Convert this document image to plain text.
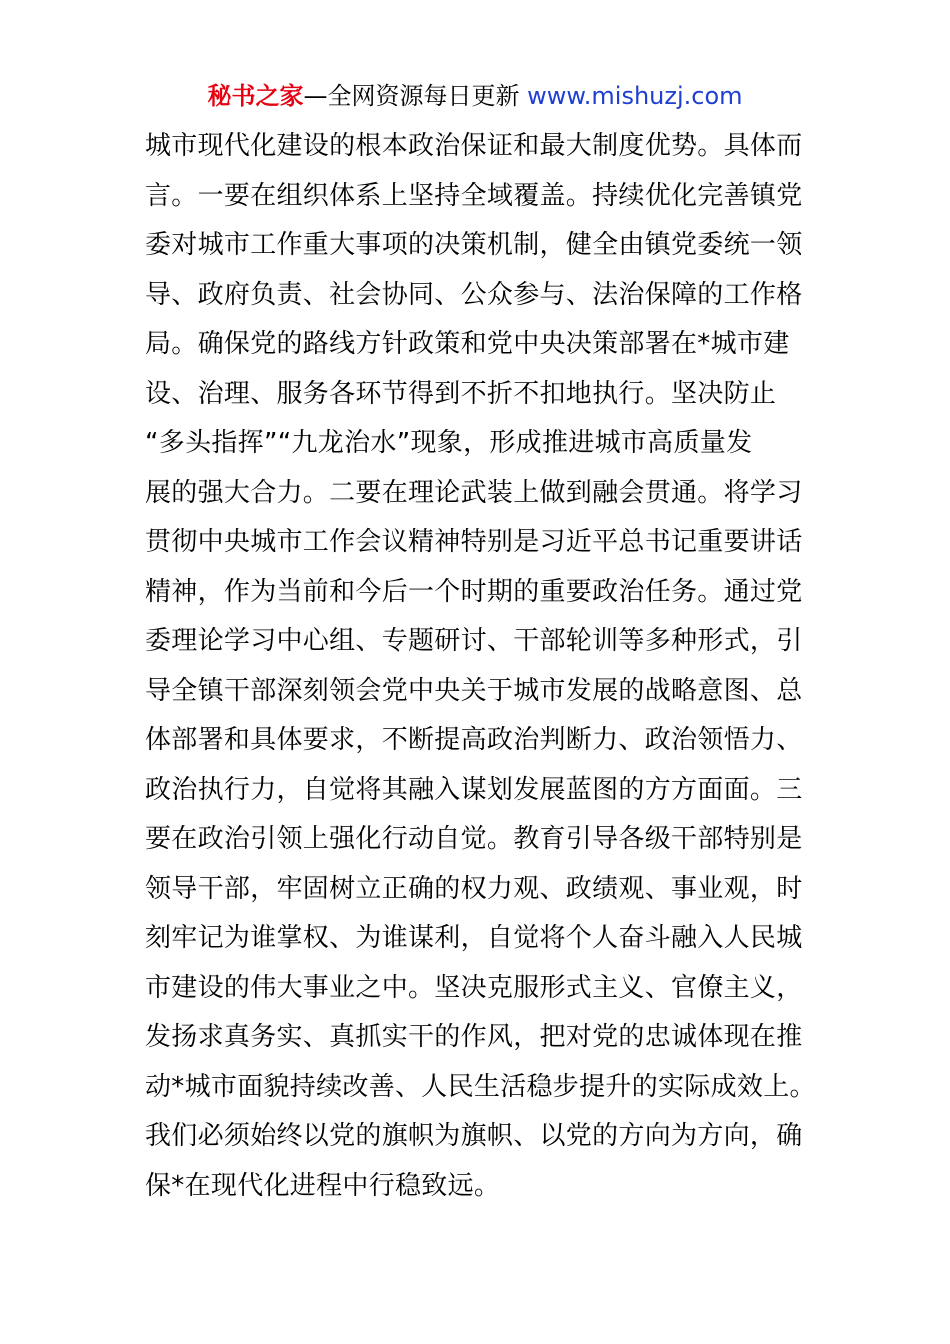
秘书之家—全网资源每日更新 www.mishuzj.com
城市现代化建设的根本政治保证和最大制度优势。具体而
言。一要在组织体系上坚持全域覆盖。持续优化完善镇党
委对城市工作重大事项的决策机制，健全由镇党委统一领
导、政府负责、社会协同、公众参与、法治保障的工作格
局。确保党的路线方针政策和党中央决策部署在*城市建
设、治理、服务各环节得到不折不扣地执行。坚决防止
“多头指挥”“九龙治水”现象，形成推进城市高质量发
展的强大合力。二要在理论武装上做到融会贯通。将学习
贯彻中央城市工作会议精神特别是习近平总书记重要讲话
精神，作为当前和今后一个时期的重要政治任务。通过党
委理论学习中心组、专题研讨、干部轮训等多种形式，引
导全镇干部深刻领会党中央关于城市发展的战略意图、总
体部署和具体要求，不断提高政治判断力、政治领悟力、
政治执行力，自觉将其融入谋划发展蓝图的方方面面。三
要在政治引领上强化行动自觉。教育引导各级干部特别是
领导干部，牢固树立正确的权力观、政绩观、事业观，时
刻牢记为谁掌权、为谁谋利，自觉将个人奋斗融入人民城
市建设的伟大事业之中。坚决克服形式主义、官僚主义，
发扬求真务实、真抓实干的作风，把对党的忠诚体现在推
动*城市面貌持续改善、人民生活稳步提升的实际成效上。
我们必须始终以党的旗帜为旗帜、以党的方向为方向，确
保*在现代化进程中行稳致远。
